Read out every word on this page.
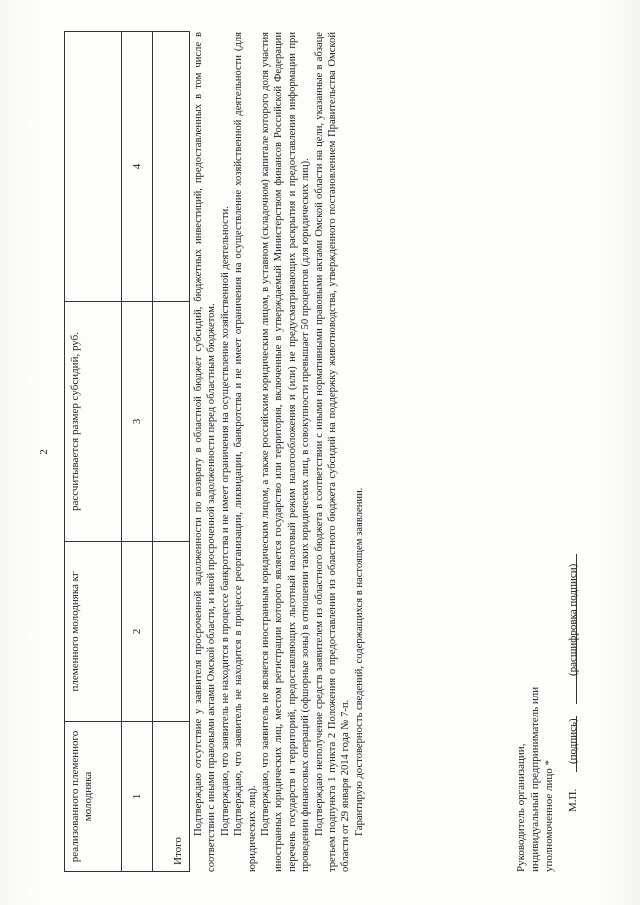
2
реализованного племенного молодняка	племенного молодняка кг	рассчитывается размер субсидий, руб.	
1	2	3	4
Итого			

Подтверждаю отсутствие у заявителя просроченной задолженности по возврату в областной бюджет субсидий, бюджетных инвестиций, предоставленных в том числе в соответствии с иными правовыми актами Омской области, и иной просроченной задолженности перед областным бюджетом. Подтверждаю, что заявитель не находится в процессе банкротства и не имеет ограничения на осуществление хозяйственной деятельности. Подтверждаю, что заявитель не находится в процессе реорганизации, ликвидации, банкротства и не имеет ограничения на осуществление хозяйственной деятельности (для юридических лиц). Подтверждаю, что заявитель не является иностранным юридическим лицом, а также российским юридическим лицом, в уставном (складочном) капитале которого доля участия иностранных юридических лиц, местом регистрации которого является государство или территория, включенные в утверждаемый Министерством финансов Российской Федерации перечень государств и территорий, предоставляющих льготный налоговый режим налогообложения и (или) не предусматривающих раскрытия и предоставления информации при проведении финансовых операций (офшорные зоны) в отношении таких юридических лиц, в совокупности превышает 50 процентов (для юридических лиц). Подтверждаю неполучение средств заявителем из областного бюджета в соответствии с иными нормативными правовыми актами Омской области на цели, указанные в абзаце третьем подпункта 1 пункта 2 Положения о предоставлении из областного бюджета субсидий на поддержку животноводства, утвержденного постановлением Правительства Омской области от 29 января 2014 года № 7-п. Гарантирую достоверность сведений, содержащихся в настоящем заявлении.	Руководитель организации, индивидуальный предприниматель или уполномоченное лицо * М.П.
(подпись)
(расшифровка подписи)
